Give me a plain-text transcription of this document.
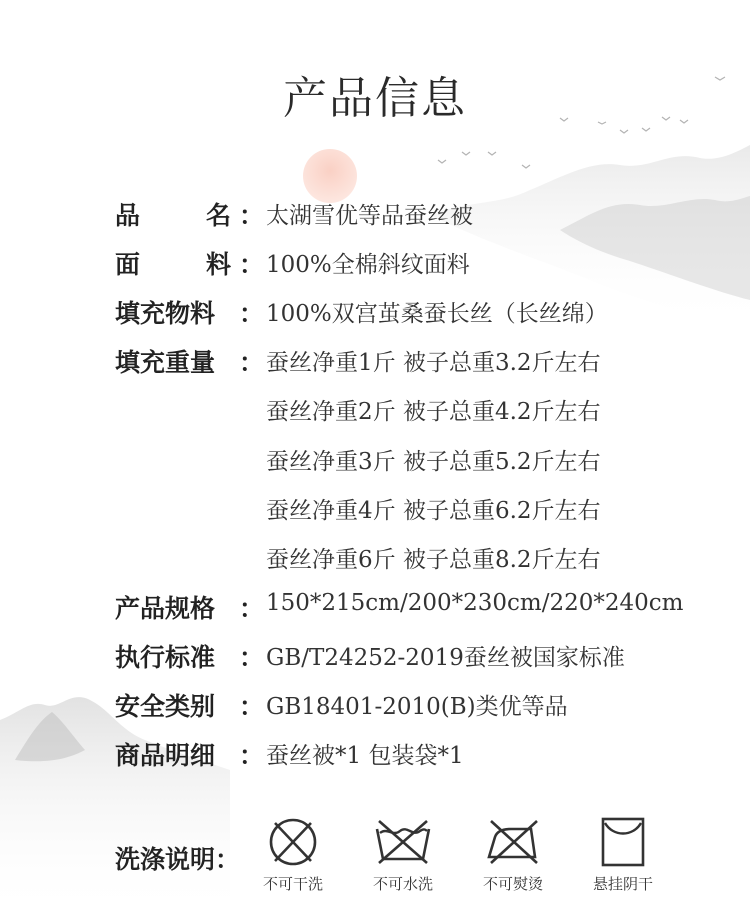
产品信息
品	名 ： 太湖雪优等品蚕丝被
面	料 ： 100%全棉斜纹面料
填充物料 ： 100%双宫茧桑蚕长丝（长丝绵）
填充重量 ： 蚕丝净重1斤 被子总重3.2斤左右
蚕丝净重2斤 被子总重4.2斤左右
蚕丝净重3斤 被子总重5.2斤左右
蚕丝净重4斤 被子总重6.2斤左右
蚕丝净重6斤 被子总重8.2斤左右
产品规格 ： 150*215cm/200*230cm/220*240cm
执行标准 ： GB/T24252-2019蚕丝被国家标准
安全类别 ： GB18401-2010(B)类优等品
商品明细 ： 蚕丝被*1 包装袋*1
洗涤说明：
不可干洗	不可水洗	不可熨烫	悬挂阴干
